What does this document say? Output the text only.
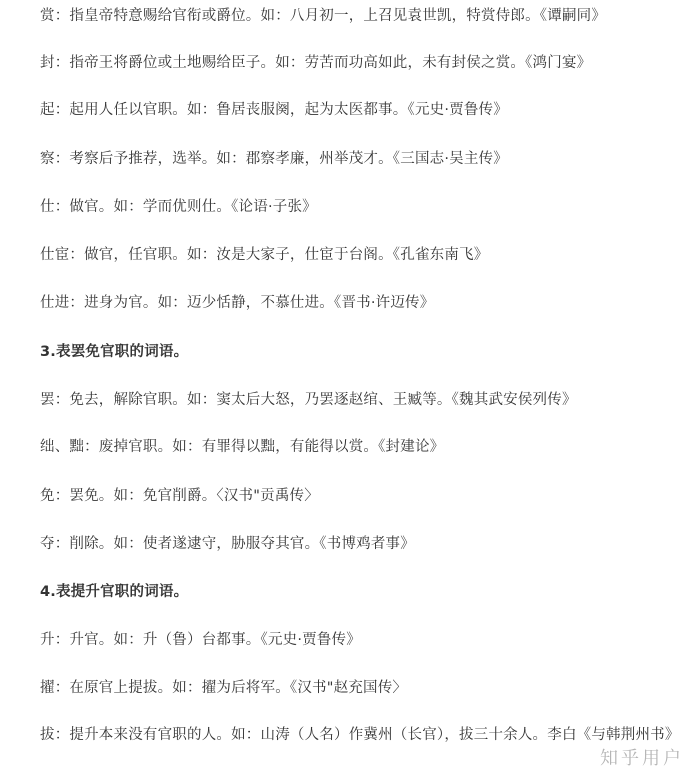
赏：指皇帝特意赐给官衔或爵位。如：八月初一，上召见袁世凯，特赏侍郎。《谭嗣同》
封：指帝王将爵位或土地赐给臣子。如：劳苦而功高如此，未有封侯之赏。《鸿门宴》
起：起用人任以官职。如：鲁居丧服阕，起为太医都事。《元史·贾鲁传》
察：考察后予推荐，选举。如：郡察孝廉，州举茂才。《三国志·吴主传》
仕：做官。如：学而优则仕。《论语·子张》
仕宦：做官，任官职。如：汝是大家子，仕宦于台阁。《孔雀东南飞》
仕进：进身为官。如：迈少恬静，不慕仕进。《晋书·许迈传》
3.表罢免官职的词语。
罢：免去，解除官职。如：窦太后大怒，乃罢逐赵绾、王臧等。《魏其武安侯列传》
绌、黜：废掉官职。如：有罪得以黜，有能得以赏。《封建论》
免：罢免。如：免官削爵。〈汉书"贡禹传〉
夺：削除。如：使者遂逮守，胁服夺其官。《书博鸡者事》
4.表提升官职的词语。
升：升官。如：升（鲁）台都事。《元史·贾鲁传》
擢：在原官上提拔。如：擢为后将军。《汉书"赵充国传〉
拔：提升本来没有官职的人。如：山涛（人名）作冀州（长官），拔三十余人。李白《与韩荆州书》
知乎用户
